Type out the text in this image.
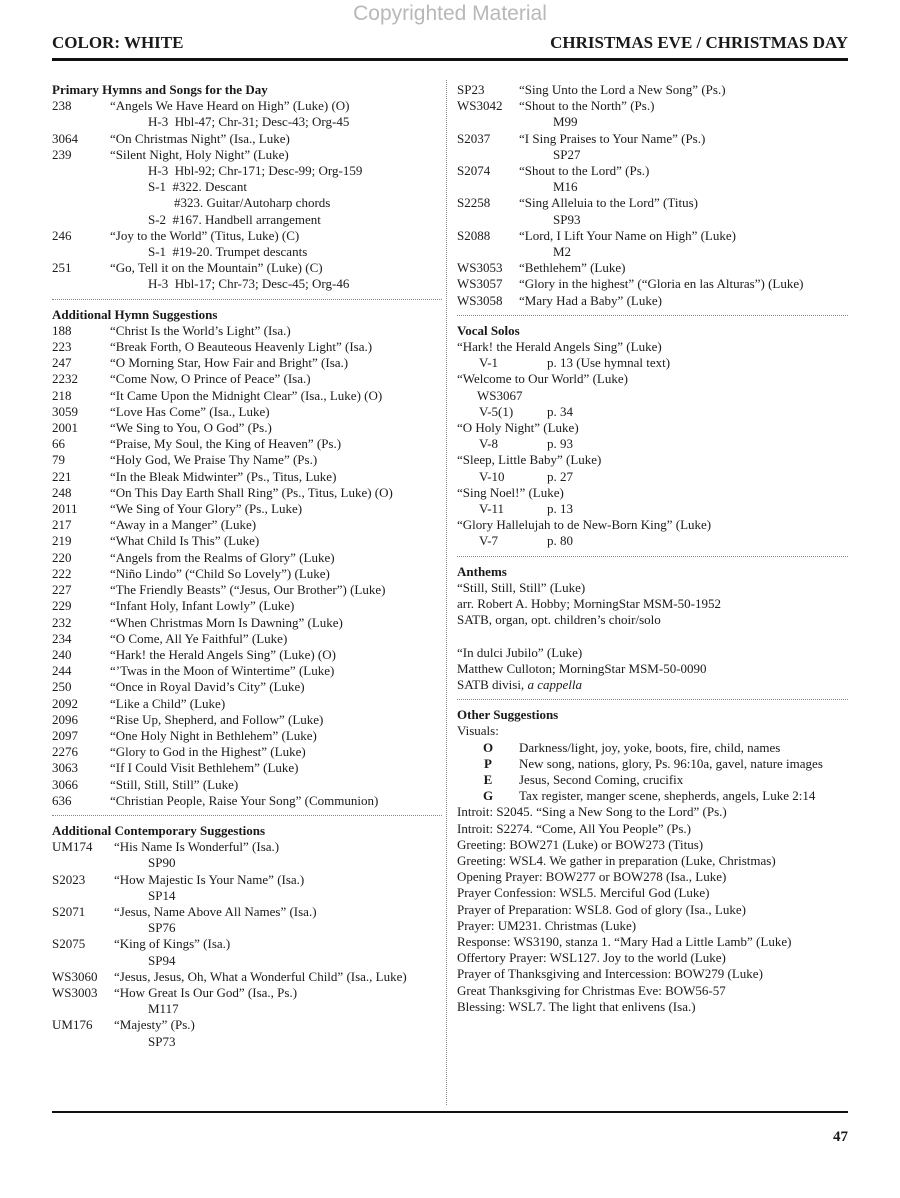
Copyrighted Material
COLOR: WHITE	CHRISTMAS EVE / CHRISTMAS DAY
Primary Hymns and Songs for the Day
238	“Angels We Have Heard on High” (Luke) (O)
H-3  Hbl-47; Chr-31; Desc-43; Org-45
3064	“On Christmas Night” (Isa., Luke)
239	“Silent Night, Holy Night” (Luke)
H-3  Hbl-92; Chr-171; Desc-99; Org-159
S-1  #322. Descant
#323. Guitar/Autoharp chords
S-2  #167. Handbell arrangement
246	“Joy to the World” (Titus, Luke) (C)
S-1  #19-20. Trumpet descants
251	“Go, Tell it on the Mountain” (Luke) (C)
H-3  Hbl-17; Chr-73; Desc-45; Org-46
Additional Hymn Suggestions
188	“Christ Is the World’s Light” (Isa.)
223	“Break Forth, O Beauteous Heavenly Light” (Isa.)
247	“O Morning Star, How Fair and Bright” (Isa.)
2232	“Come Now, O Prince of Peace” (Isa.)
218	“It Came Upon the Midnight Clear” (Isa., Luke) (O)
3059	“Love Has Come” (Isa., Luke)
2001	“We Sing to You, O God” (Ps.)
66	“Praise, My Soul, the King of Heaven” (Ps.)
79	“Holy God, We Praise Thy Name” (Ps.)
221	“In the Bleak Midwinter” (Ps., Titus, Luke)
248	“On This Day Earth Shall Ring” (Ps., Titus, Luke) (O)
2011	“We Sing of Your Glory” (Ps., Luke)
217	“Away in a Manger” (Luke)
219	“What Child Is This” (Luke)
220	“Angels from the Realms of Glory” (Luke)
222	“Niño Lindo” (“Child So Lovely”) (Luke)
227	“The Friendly Beasts” (“Jesus, Our Brother”) (Luke)
229	“Infant Holy, Infant Lowly” (Luke)
232	“When Christmas Morn Is Dawning” (Luke)
234	“O Come, All Ye Faithful” (Luke)
240	“Hark! the Herald Angels Sing” (Luke) (O)
244	“’Twas in the Moon of Wintertime” (Luke)
250	“Once in Royal David’s City” (Luke)
2092	“Like a Child” (Luke)
2096	“Rise Up, Shepherd, and Follow” (Luke)
2097	“One Holy Night in Bethlehem” (Luke)
2276	“Glory to God in the Highest” (Luke)
3063	“If I Could Visit Bethlehem” (Luke)
3066	“Still, Still, Still” (Luke)
636	“Christian People, Raise Your Song” (Communion)
Additional Contemporary Suggestions
UM174	“His Name Is Wonderful” (Isa.)
SP90
S2023	“How Majestic Is Your Name” (Isa.)
SP14
S2071	“Jesus, Name Above All Names” (Isa.)
SP76
S2075	“King of Kings” (Isa.)
SP94
WS3060	“Jesus, Jesus, Oh, What a Wonderful Child” (Isa., Luke)
WS3003	“How Great Is Our God” (Isa., Ps.)
M117
UM176	“Majesty” (Ps.)
SP73
SP23	“Sing Unto the Lord a New Song” (Ps.)
WS3042	“Shout to the North” (Ps.)
M99
S2037	“I Sing Praises to Your Name” (Ps.)
SP27
S2074	“Shout to the Lord” (Ps.)
M16
S2258	“Sing Alleluia to the Lord” (Titus)
SP93
S2088	“Lord, I Lift Your Name on High” (Luke)
M2
WS3053	“Bethlehem” (Luke)
WS3057	“Glory in the highest” (“Gloria en las Alturas”) (Luke)
WS3058	“Mary Had a Baby” (Luke)
Vocal Solos
“Hark! the Herald Angels Sing” (Luke)
V-1	p. 13 (Use hymnal text)
“Welcome to Our World” (Luke)
WS3067
V-5(1)	p. 34
“O Holy Night” (Luke)
V-8	p. 93
“Sleep, Little Baby” (Luke)
V-10	p. 27
“Sing Noel!” (Luke)
V-11	p. 13
“Glory Hallelujah to de New-Born King” (Luke)
V-7	p. 80
Anthems
“Still, Still, Still” (Luke)
arr. Robert A. Hobby; MorningStar MSM-50-1952
SATB, organ, opt. children’s choir/solo
“In dulci Jubilo” (Luke)
Matthew Culloton; MorningStar MSM-50-0090
SATB divisi, a cappella
Other Suggestions
Visuals:
O	Darkness/light, joy, yoke, boots, fire, child, names
P	New song, nations, glory, Ps. 96:10a, gavel, nature images
E	Jesus, Second Coming, crucifix
G	Tax register, manger scene, shepherds, angels, Luke 2:14
Introit: S2045. “Sing a New Song to the Lord” (Ps.)
Introit: S2274. “Come, All You People” (Ps.)
Greeting: BOW271 (Luke) or BOW273 (Titus)
Greeting: WSL4. We gather in preparation (Luke, Christmas)
Opening Prayer: BOW277 or BOW278 (Isa., Luke)
Prayer Confession: WSL5. Merciful God (Luke)
Prayer of Preparation: WSL8. God of glory (Isa., Luke)
Prayer: UM231. Christmas (Luke)
Response: WS3190, stanza 1. “Mary Had a Little Lamb” (Luke)
Offertory Prayer: WSL127. Joy to the world (Luke)
Prayer of Thanksgiving and Intercession: BOW279 (Luke)
Great Thanksgiving for Christmas Eve: BOW56-57
Blessing: WSL7. The light that enlivens (Isa.)
47
